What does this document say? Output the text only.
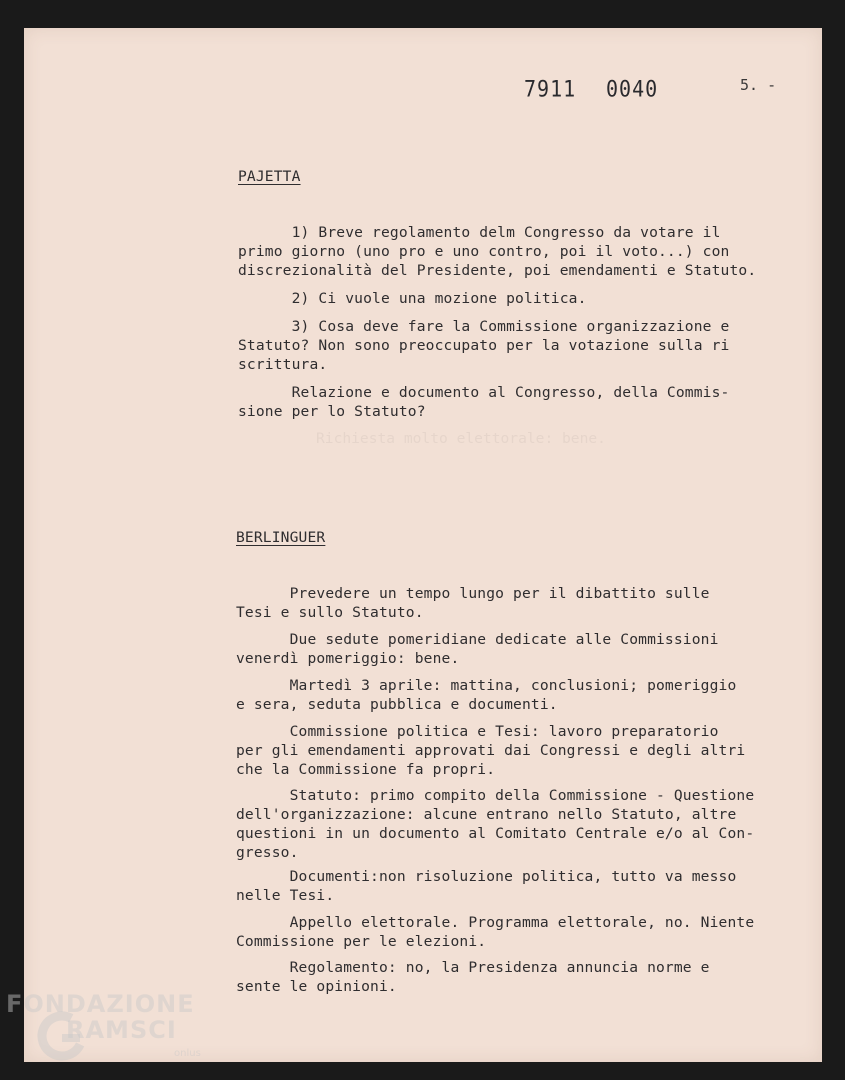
Richiesta molto elettorale: bene.
7911 0040	5. -
PAJETTA
1) Breve regolamento delm Congresso da votare il
primo giorno (uno pro e uno contro, poi il voto...) con
discrezionalità del Presidente, poi emendamenti e Statuto.
2) Ci vuole una mozione politica.
3) Cosa deve fare la Commissione organizzazione e
Statuto? Non sono preoccupato per la votazione sulla ri
scrittura.
Relazione e documento al Congresso, della Commis-
sione per lo Statuto?
BERLINGUER
Prevedere un tempo lungo per il dibattito sulle
Tesi e sullo Statuto.
Due sedute pomeridiane dedicate alle Commissioni
venerdì pomeriggio: bene.
Martedì 3 aprile: mattina, conclusioni; pomeriggio
e sera, seduta pubblica e documenti.
Commissione politica e Tesi: lavoro preparatorio
per gli emendamenti approvati dai Congressi e degli altri
che la Commissione fa propri.
Statuto: primo compito della Commissione - Questione
dell'organizzazione: alcune entrano nello Statuto, altre
questioni in un documento al Comitato Centrale e/o al Con-
gresso.
Documenti:non risoluzione politica, tutto va messo
nelle Tesi.
Appello elettorale. Programma elettorale, no. Niente
Commissione per le elezioni.
Regolamento: no, la Presidenza annuncia norme e
sente le opinioni.
FONDAZIONE
RAMSCI
onlus
